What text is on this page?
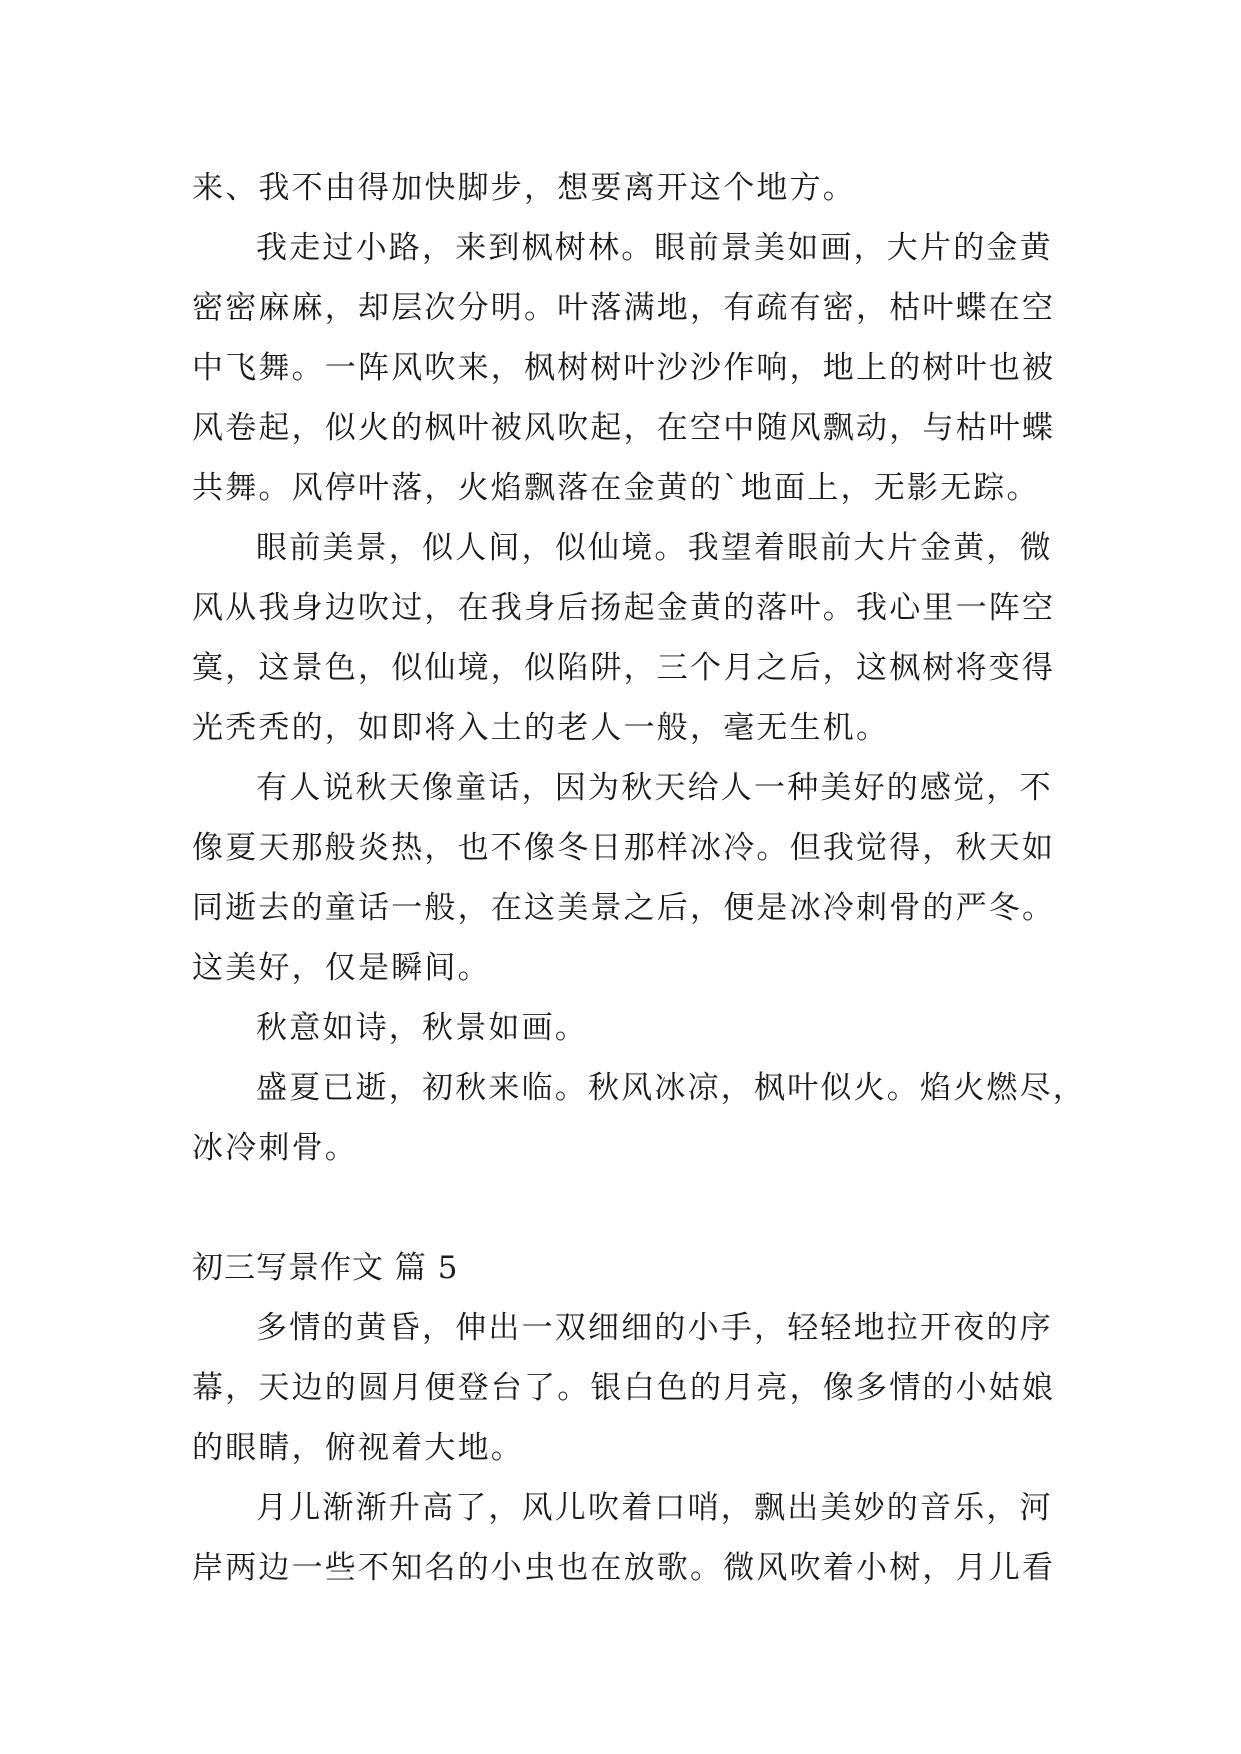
来、我不由得加快脚步，想要离开这个地方。
我走过小路，来到枫树林。眼前景美如画，大片的金黄
密密麻麻，却层次分明。叶落满地，有疏有密，枯叶蝶在空
中飞舞。一阵风吹来，枫树树叶沙沙作响，地上的树叶也被
风卷起，似火的枫叶被风吹起，在空中随风飘动，与枯叶蝶
共舞。风停叶落，火焰飘落在金黄的`地面上，无影无踪。
眼前美景，似人间，似仙境。我望着眼前大片金黄，微
风从我身边吹过，在我身后扬起金黄的落叶。我心里一阵空
寞，这景色，似仙境，似陷阱，三个月之后，这枫树将变得
光秃秃的，如即将入土的老人一般，毫无生机。
有人说秋天像童话，因为秋天给人一种美好的感觉，不
像夏天那般炎热，也不像冬日那样冰冷。但我觉得，秋天如
同逝去的童话一般，在这美景之后，便是冰冷刺骨的严冬。
这美好，仅是瞬间。
秋意如诗，秋景如画。
盛夏已逝，初秋来临。秋风冰凉，枫叶似火。焰火燃尽，
冰冷刺骨。
初三写景作文 篇 5
多情的黄昏，伸出一双细细的小手，轻轻地拉开夜的序
幕，天边的圆月便登台了。银白色的月亮，像多情的小姑娘
的眼睛，俯视着大地。
月儿渐渐升高了，风儿吹着口哨，飘出美妙的音乐，河
岸两边一些不知名的小虫也在放歌。微风吹着小树，月儿看
